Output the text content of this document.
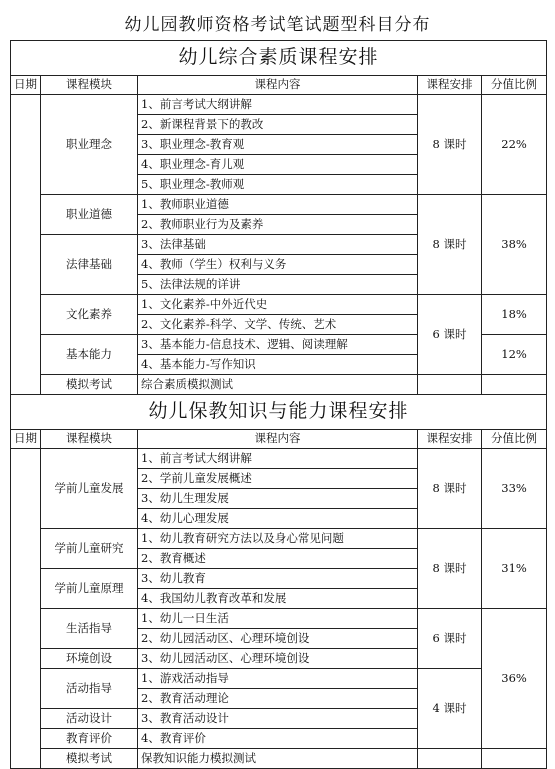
幼儿园教师资格考试笔试题型科目分布
幼儿综合素质课程安排				
日期	课程模块	课程内容	课程安排	分值比例
	职业理念	1、前言考试大纲讲解	8 课时	22%
		2、新课程背景下的教改		
		3、职业理念-教育观		
		4、职业理念-育儿观		
		5、职业理念-教师观		
	职业道德	1、教师职业道德	8 课时	38%
		2、教师职业行为及素养		
	法律基础	3、法律基础		
		4、教师（学生）权利与义务		
		5、法律法规的详讲		
	文化素养	1、文化素养-中外近代史	6 课时	18%
		2、文化素养-科学、文学、传统、艺术		
	基本能力	3、基本能力-信息技术、逻辑、阅读理解		12%
		4、基本能力-写作知识		
	模拟考试	综合素质模拟测试		
幼儿保教知识与能力课程安排				
日期	课程模块	课程内容	课程安排	分值比例
	学前儿童发展	1、前言考试大纲讲解	8 课时	33%
		2、学前儿童发展概述		
		3、幼儿生理发展		
		4、幼儿心理发展		
	学前儿童研究	1、幼儿教育研究方法以及身心常见问题	8 课时	31%
		2、教育概述		
	学前儿童原理	3、幼儿教育		
		4、我国幼儿教育改革和发展		
	生活指导	1、幼儿一日生活	6 课时	36%
		2、幼儿园活动区、心理环境创设		
	环境创设	3、幼儿园活动区、心理环境创设		
	活动指导	1、游戏活动指导	4 课时	
		2、教育活动理论		
	活动设计	3、教育活动设计		
	教育评价	4、教育评价		
	模拟考试	保教知识能力模拟测试		
